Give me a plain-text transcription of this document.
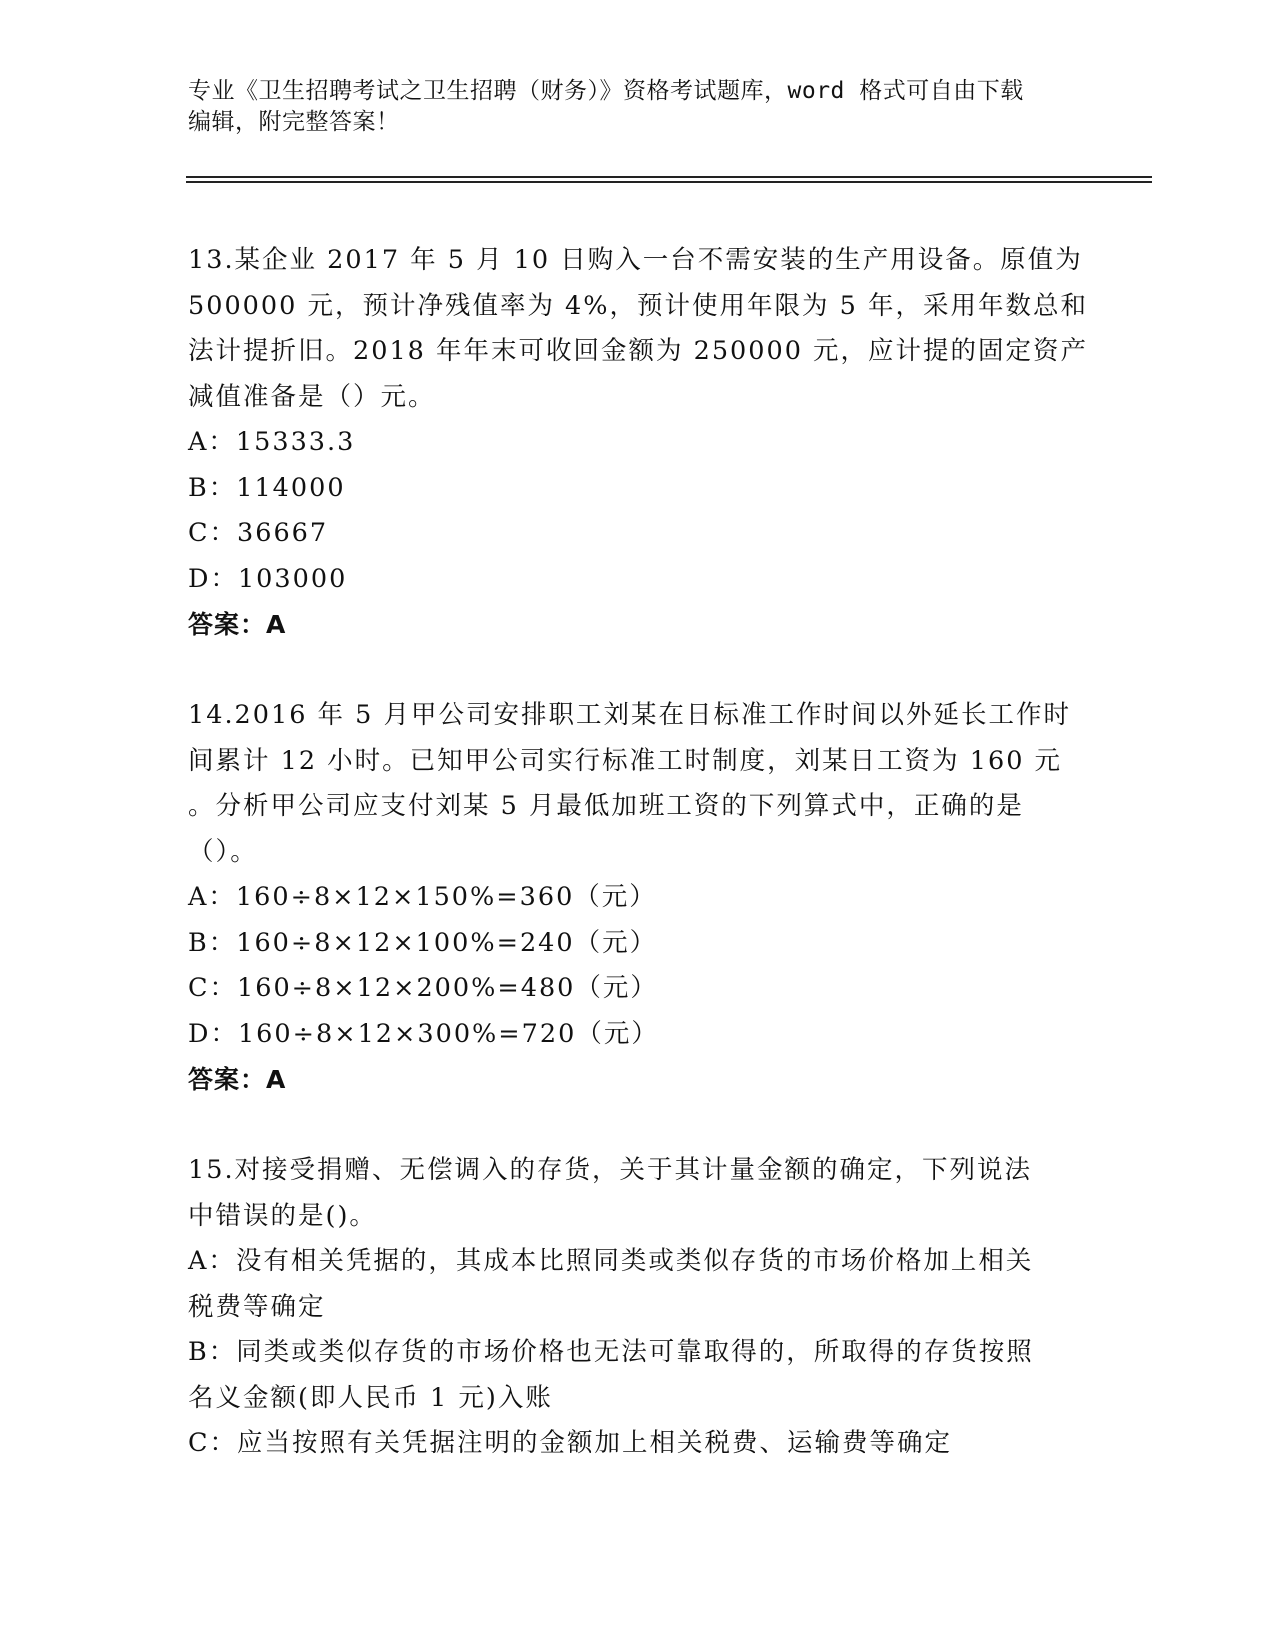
专业《卫生招聘考试之卫生招聘（财务）》资格考试题库，word 格式可自由下载
编辑，附完整答案！
13.某企业 2017 年 5 月 10 日购入一台不需安装的生产用设备。原值为
500000 元，预计净残值率为 4%，预计使用年限为 5 年，采用年数总和
法计提折旧。2018 年年末可收回金额为 250000 元，应计提的固定资产
减值准备是（）元。
A：15333.3
B：114000
C：36667
D：103000
答案：A
14.2016 年 5 月甲公司安排职工刘某在日标准工作时间以外延长工作时
间累计 12 小时。已知甲公司实行标准工时制度，刘某日工资为 160 元
。分析甲公司应支付刘某 5 月最低加班工资的下列算式中，正确的是
（）。
A：160÷8×12×150%=360（元）
B：160÷8×12×100%=240（元）
C：160÷8×12×200%=480（元）
D：160÷8×12×300%=720（元）
答案：A
15.对接受捐赠、无偿调入的存货，关于其计量金额的确定，下列说法
中错误的是()。
A：没有相关凭据的，其成本比照同类或类似存货的市场价格加上相关
税费等确定
B：同类或类似存货的市场价格也无法可靠取得的，所取得的存货按照
名义金额(即人民币 1 元)入账
C：应当按照有关凭据注明的金额加上相关税费、运输费等确定
